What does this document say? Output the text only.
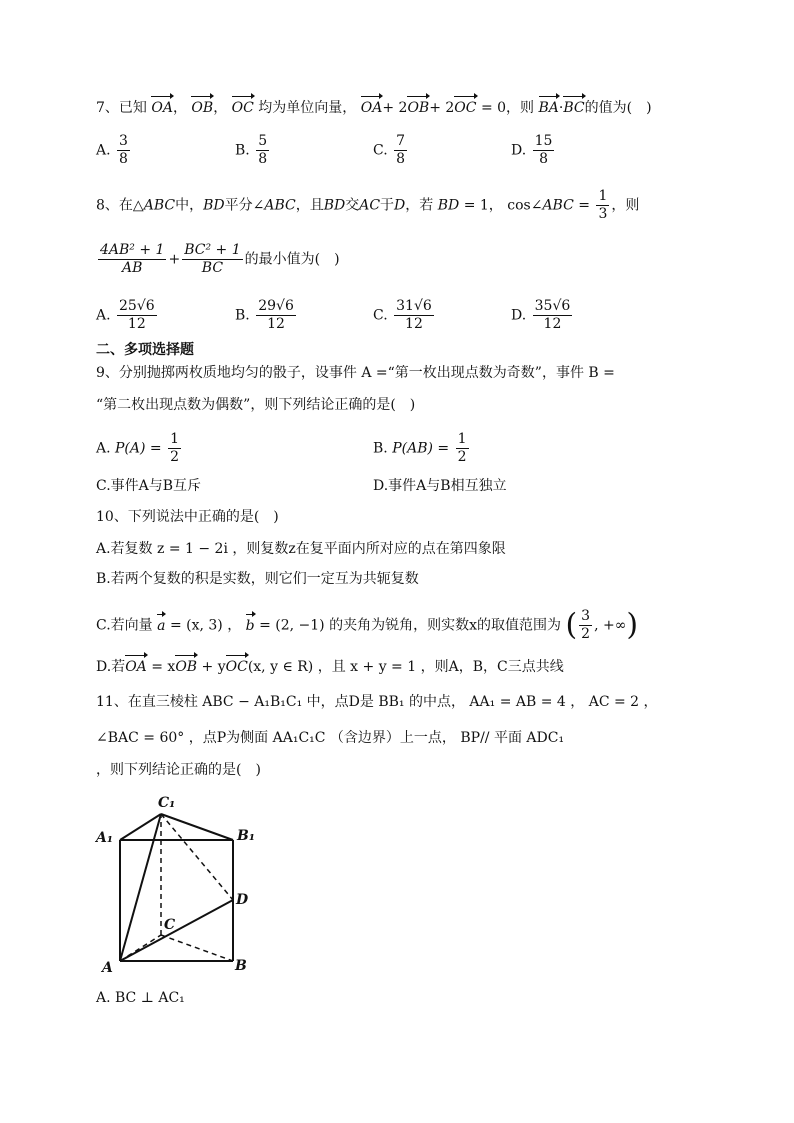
7、已知 OA， OB， OC 均为单位向量， OA+ 2OB+ 2OC = 0，则 BA·BC的值为(　)
A. $\frac{3}{8}$	B. $\frac{5}{8}$	C. $\frac{7}{8}$	D. $\frac{15}{8}$
8、在△ABC中，BD平分∠ABC，且BD交AC于D，若 BD = 1， cos∠ABC = $\frac{1}{3}$ ，则
$\frac{\text{4AB² + 1}}{AB} + \frac{\text{BC² + 1}}{BC}$ 的最小值为(　)
A. $\frac{25√6}{12}$	B. $\frac{29√6}{12}$	C. $\frac{31√6}{12}$	D. $\frac{35√6}{12}$
二、多项选择题
9、分别抛掷两枚质地均匀的骰子，设事件 A =“第一枚出现点数为奇数”，事件 B =
“第二枚出现点数为偶数”，则下列结论正确的是(　)
A. $P(A) = \frac{1}{2}$	B. $P(AB) = \frac{1}{2}$
C.事件A与B互斥	D.事件A与B相互独立
10、下列说法中正确的是(　)
A.若复数 z = 1 − 2i ，则复数z在复平面内所对应的点在第四象限
B.若两个复数的积是实数，则它们一定互为共轭复数
C.若向量 a = (x, 3) ， b = (2, −1) 的夹角为锐角，则实数x的取值范围为 ( $\frac{3}{2}$ , +∞)
D.若OA = xOB + yOC(x, y ∈ R) ，且 x + y = 1 ，则A，B，C三点共线
11、在直三棱柱 ABC − A₁B₁C₁ 中，点D是 BB₁ 的中点， AA₁ = AB = 4 ， AC = 2 ，
∠BAC = 60° ，点P为侧面 AA₁C₁C （含边界）上一点， BP// 平面 ADC₁
，则下列结论正确的是(　)
C₁
A₁	B₁
D
C
A	B
A. BC ⊥ AC₁
